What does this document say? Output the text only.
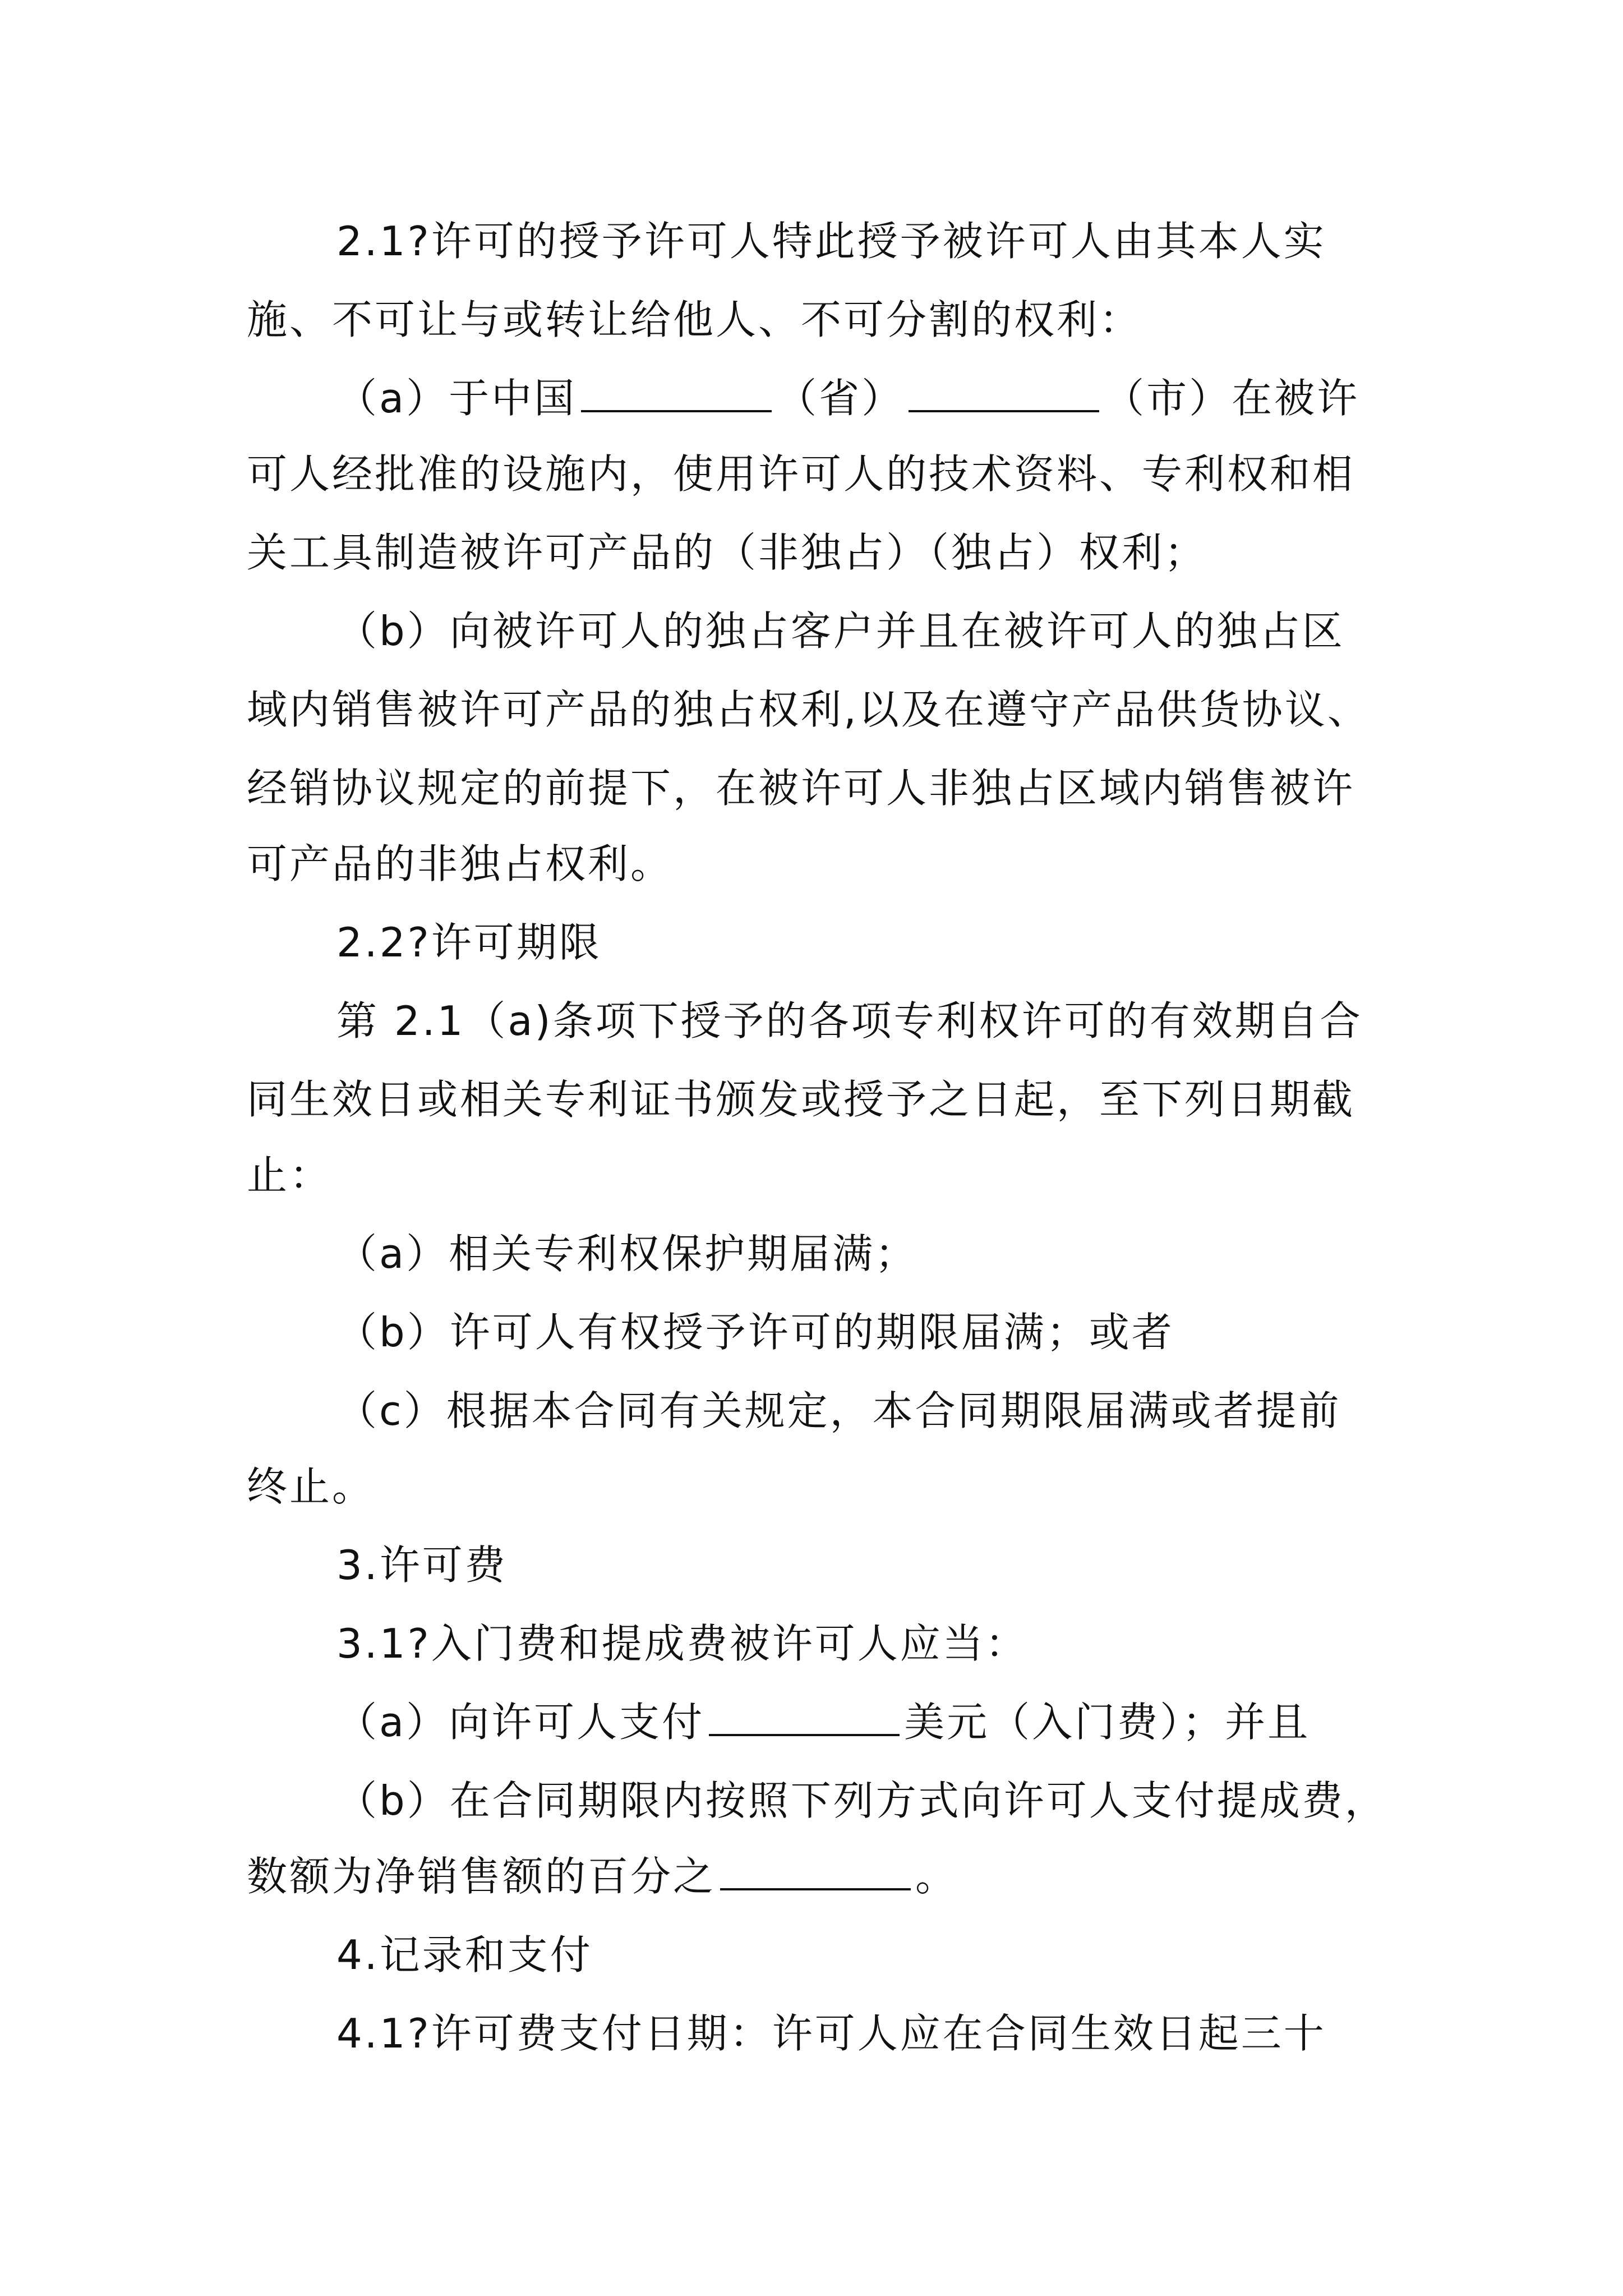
2.1?许可的授予许可人特此授予被许可人由其本人实
施、不可让与或转让给他人、不可分割的权利：
（a）于中国	（省）	（市）在被许
可人经批准的设施内，使用许可人的技术资料、专利权和相
关工具制造被许可产品的（非独占）（独占）权利；
（b）向被许可人的独占客户并且在被许可人的独占区
域内销售被许可产品的独占权利,以及在遵守产品供货协议、
经销协议规定的前提下，在被许可人非独占区域内销售被许
可产品的非独占权利。
2.2?许可期限
第 2.1（a)条项下授予的各项专利权许可的有效期自合
同生效日或相关专利证书颁发或授予之日起，至下列日期截
止：
（a）相关专利权保护期届满；
（b）许可人有权授予许可的期限届满；或者
（c）根据本合同有关规定，本合同期限届满或者提前
终止。
3.许可费
3.1?入门费和提成费被许可人应当：
（a）向许可人支付	美元（入门费）；并且
（b）在合同期限内按照下列方式向许可人支付提成费，
数额为净销售额的百分之	。
4.记录和支付
4.1?许可费支付日期：许可人应在合同生效日起三十
